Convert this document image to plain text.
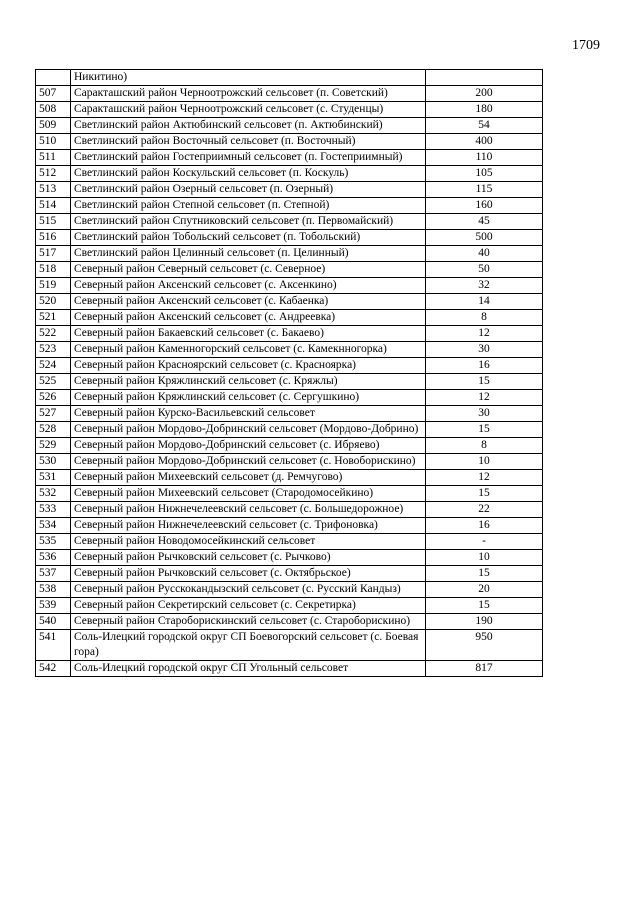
1709
	Никитино)	
507	Саракташский район Черноотрожский сельсовет (п. Советский)	200
508	Саракташский район Черноотрожский сельсовет (с. Студенцы)	180
509	Светлинский район Актюбинский сельсовет (п. Актюбинский)	54
510	Светлинский район Восточный сельсовет (п. Восточный)	400
511	Светлинский район Гостеприимный сельсовет (п. Гостеприимный)	110
512	Светлинский район Коскульский сельсовет (п. Коскуль)	105
513	Светлинский район Озерный сельсовет (п. Озерный)	115
514	Светлинский район Степной сельсовет (п. Степной)	160
515	Светлинский район Спутниковский сельсовет (п. Первомайский)	45
516	Светлинский район Тобольский сельсовет (п. Тобольский)	500
517	Светлинский район Целинный сельсовет (п. Целинный)	40
518	Северный район Северный сельсовет (с. Северное)	50
519	Северный район Аксенский сельсовет (с. Аксенкино)	32
520	Северный район Аксенский сельсовет (с. Кабаенка)	14
521	Северный район Аксенский сельсовет (с. Андреевка)	8
522	Северный район Бакаевский сельсовет (с. Бакаево)	12
523	Северный район Каменногорский сельсовет (с. Камекнногорка)	30
524	Северный район Красноярский сельсовет (с. Красноярка)	16
525	Северный район Кряжлинский сельсовет (с. Кряжлы)	15
526	Северный район Кряжлинский сельсовет (с. Сергушкино)	12
527	Северный район Курско-Васильевский сельсовет	30
528	Северный район Мордово-Добринский сельсовет (Мордово-Добрино)	15
529	Северный район Мордово-Добринский сельсовет (с. Ибряево)	8
530	Северный район Мордово-Добринский сельсовет (с. Новоборискино)	10
531	Северный район Михеевский сельсовет (д. Ремчугово)	12
532	Северный район Михеевский сельсовет (Стародомосейкино)	15
533	Северный район Нижнечелеевский сельсовет (с. Большедорожное)	22
534	Северный район Нижнечелеевский сельсовет (с. Трифоновка)	16
535	Северный район Новодомосейкинский сельсовет	-
536	Северный район Рычковский сельсовет (с. Рычково)	10
537	Северный район Рычковский сельсовет (с. Октябрьское)	15
538	Северный район Русскокандызский сельсовет (с. Русский Кандыз)	20
539	Северный район Секретирский сельсовет (с. Секретирка)	15
540	Северный район Староборискинский сельсовет (с. Староборискино)	190
541	Соль-Илецкий городской округ СП Боевогорский сельсовет (с. Боевая гора)	950
542	Соль-Илецкий городской округ СП Угольный сельсовет	817
